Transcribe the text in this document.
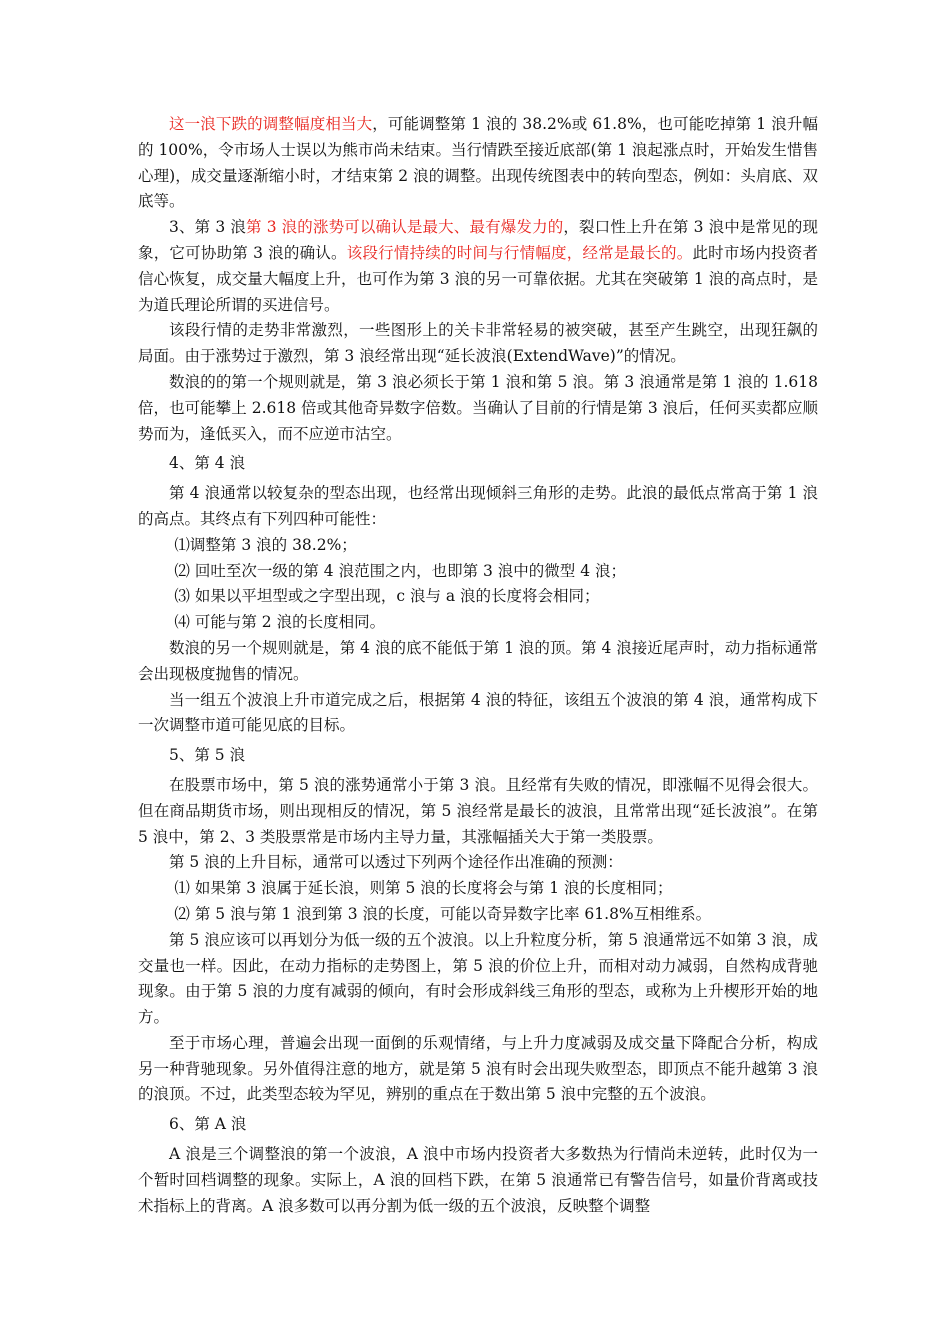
这一浪下跌的调整幅度相当大，可能调整第 1 浪的 38.2%或 61.8%，也可能吃掉第 1 浪升幅的 100%，令市场人士误以为熊市尚未结束。当行情跌至接近底部(第 1 浪起涨点时，开始发生惜售心理)，成交量逐渐缩小时，才结束第 2 浪的调整。出现传统图表中的转向型态，例如：头肩底、双底等。

3、第 3 浪第 3 浪的涨势可以确认是最大、最有爆发力的，裂口性上升在第 3 浪中是常见的现象，它可协助第 3 浪的确认。该段行情持续的时间与行情幅度，经常是最长的。此时市场内投资者信心恢复，成交量大幅度上升，也可作为第 3 浪的另一可靠依据。尤其在突破第 1 浪的高点时，是为道氏理论所谓的买进信号。

该段行情的走势非常激烈，一些图形上的关卡非常轻易的被突破，甚至产生跳空，出现狂飙的局面。由于涨势过于激烈，第 3 浪经常出现“延长波浪(ExtendWave)”的情况。

数浪的的第一个规则就是，第 3 浪必须长于第 1 浪和第 5 浪。第 3 浪通常是第 1 浪的 1.618 倍，也可能攀上 2.618 倍或其他奇异数字倍数。当确认了目前的行情是第 3 浪后，任何买卖都应顺势而为，逢低买入，而不应逆市沽空。

4、第 4 浪

第 4 浪通常以较复杂的型态出现，也经常出现倾斜三角形的走势。此浪的最低点常高于第 1 浪的高点。其终点有下列四种可能性：

⑴调整第 3 浪的 38.2%；

⑵ 回吐至次一级的第 4 浪范围之内，也即第 3 浪中的微型 4 浪；

⑶ 如果以平坦型或之字型出现，c 浪与 a 浪的长度将会相同；

⑷ 可能与第 2 浪的长度相同。

数浪的另一个规则就是，第 4 浪的底不能低于第 1 浪的顶。第 4 浪接近尾声时，动力指标通常会出现极度抛售的情况。

当一组五个波浪上升市道完成之后，根据第 4 浪的特征，该组五个波浪的第 4 浪，通常构成下一次调整市道可能见底的目标。

5、第 5 浪

在股票市场中，第 5 浪的涨势通常小于第 3 浪。且经常有失败的情况，即涨幅不见得会很大。但在商品期货市场，则出现相反的情况，第 5 浪经常是最长的波浪，且常常出现“延长波浪”。在第 5 浪中，第 2、3 类股票常是市场内主导力量，其涨幅插关大于第一类股票。

第 5 浪的上升目标，通常可以透过下列两个途径作出准确的预测：

⑴ 如果第 3 浪属于延长浪，则第 5 浪的长度将会与第 1 浪的长度相同；

⑵ 第 5 浪与第 1 浪到第 3 浪的长度，可能以奇异数字比率 61.8%互相维系。

第 5 浪应该可以再划分为低一级的五个波浪。以上升粒度分析，第 5 浪通常远不如第 3 浪，成交量也一样。因此，在动力指标的走势图上，第 5 浪的价位上升，而相对动力减弱，自然构成背驰现象。由于第 5 浪的力度有减弱的倾向，有时会形成斜线三角形的型态，或称为上升楔形开始的地方。

至于市场心理，普遍会出现一面倒的乐观情绪，与上升力度减弱及成交量下降配合分析，构成另一种背驰现象。另外值得注意的地方，就是第 5 浪有时会出现失败型态，即顶点不能升越第 3 浪的浪顶。不过，此类型态较为罕见，辨别的重点在于数出第 5 浪中完整的五个波浪。

6、第 A 浪

A 浪是三个调整浪的第一个波浪，A 浪中市场内投资者大多数热为行情尚未逆转，此时仅为一个暂时回档调整的现象。实际上，A 浪的回档下跌，在第 5 浪通常已有警告信号，如量价背离或技术指标上的背离。A 浪多数可以再分割为低一级的五个波浪，反映整个调整
